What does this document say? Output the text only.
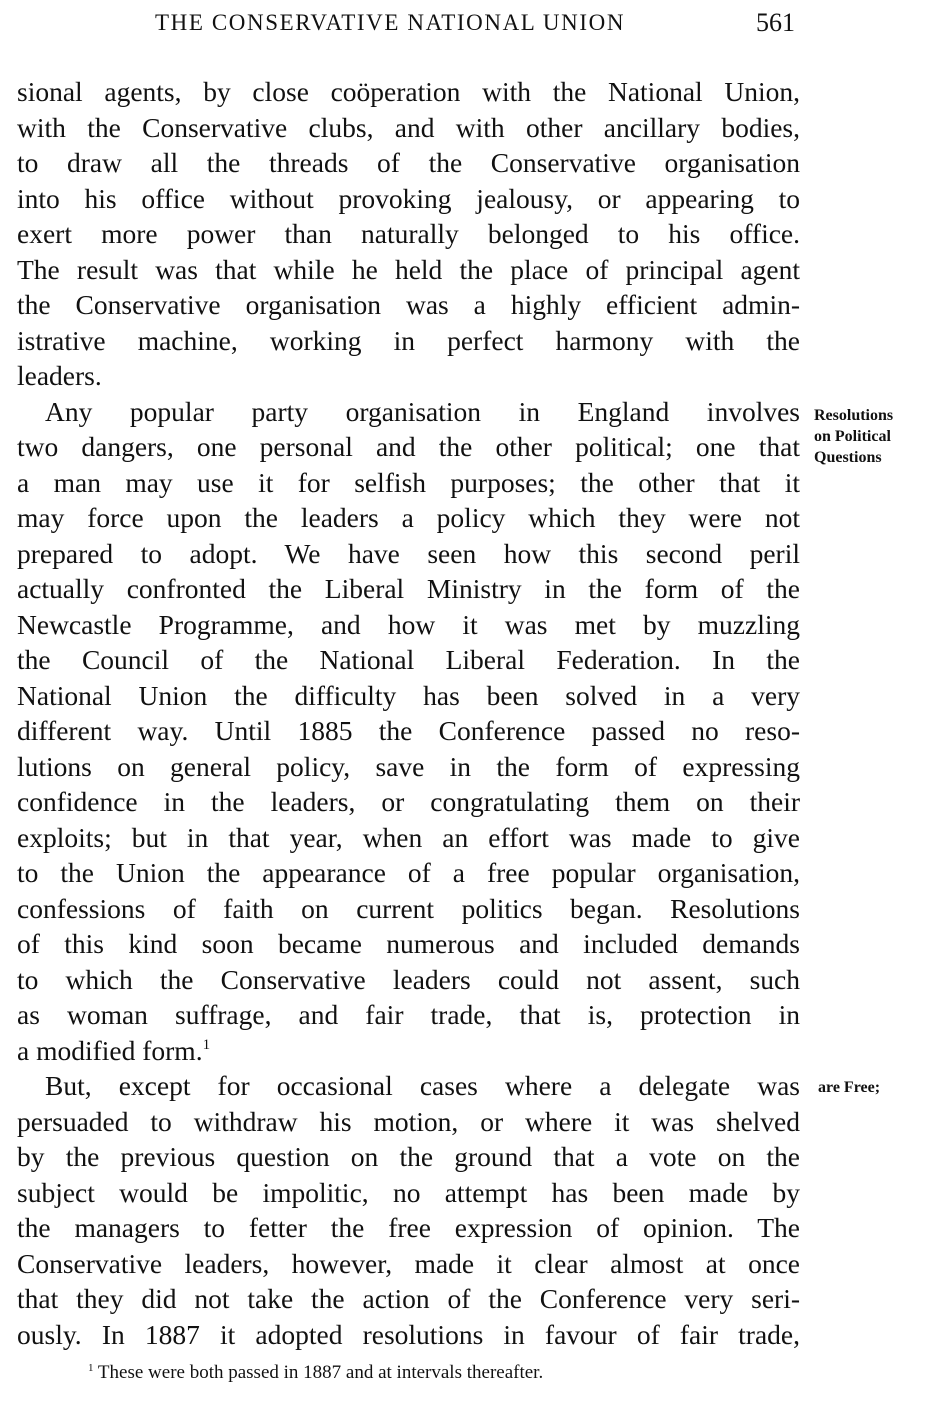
THE CONSERVATIVE NATIONAL UNION	561
sional agents, by close coöperation with the National Union,
with the Conservative clubs, and with other ancillary bodies,
to draw all the threads of the Conservative organisation
into his office without provoking jealousy, or appearing to
exert more power than naturally belonged to his office.
The result was that while he held the place of principal agent
the Conservative organisation was a highly efficient admin-
istrative machine, working in perfect harmony with the
leaders.
Any popular party organisation in England involves
two dangers, one personal and the other political; one that
a man may use it for selfish purposes; the other that it
may force upon the leaders a policy which they were not
prepared to adopt. We have seen how this second peril
actually confronted the Liberal Ministry in the form of the
Newcastle Programme, and how it was met by muzzling
the Council of the National Liberal Federation. In the
National Union the difficulty has been solved in a very
different way. Until 1885 the Conference passed no reso-
lutions on general policy, save in the form of expressing
confidence in the leaders, or congratulating them on their
exploits; but in that year, when an effort was made to give
to the Union the appearance of a free popular organisation,
confessions of faith on current politics began. Resolutions
of this kind soon became numerous and included demands
to which the Conservative leaders could not assent, such
as woman suffrage, and fair trade, that is, protection in
a modified form.$^1$
But, except for occasional cases where a delegate was
persuaded to withdraw his motion, or where it was shelved
by the previous question on the ground that a vote on the
subject would be impolitic, no attempt has been made by
the managers to fetter the free expression of opinion. The
Conservative leaders, however, made it clear almost at once
that they did not take the action of the Conference very seri-
ously. In 1887 it adopted resolutions in favour of fair trade,
Resolutions
on Political
Questions
are Free;
$^1$ These were both passed in 1887 and at intervals thereafter.
